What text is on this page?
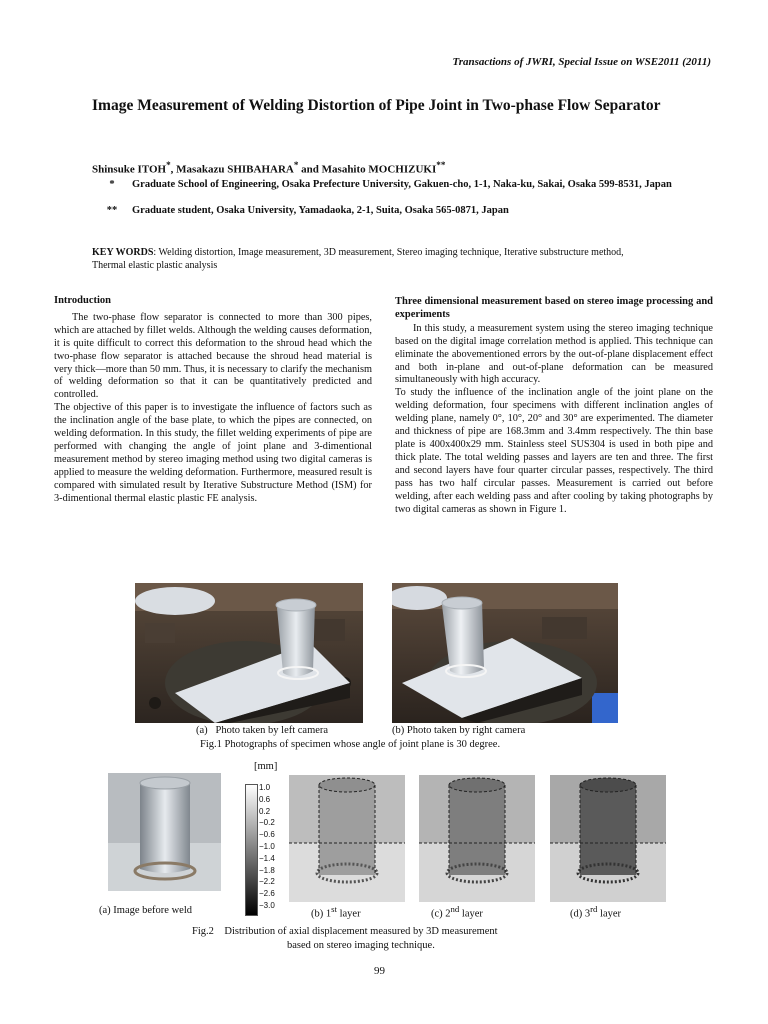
Transactions of JWRI, Special Issue on WSE2011 (2011)
Image Measurement of Welding Distortion of Pipe Joint in Two-phase Flow Separator
Shinsuke ITOH*, Masakazu SHIBAHARA* and Masahito MOCHIZUKI**
* Graduate School of Engineering, Osaka Prefecture University, Gakuen-cho, 1-1, Naka-ku, Sakai, Osaka 599-8531, Japan
** Graduate student, Osaka University, Yamadaoka, 2-1, Suita, Osaka 565-0871, Japan
KEY WORDS: Welding distortion, Image measurement, 3D measurement, Stereo imaging technique, Iterative substructure method, Thermal elastic plastic analysis
Introduction

The two-phase flow separator is connected to more than 300 pipes, which are attached by fillet welds. Although the welding causes deformation, it is quite difficult to correct this deformation to the shroud head which the two-phase flow separator is attached because the shroud head material is very thick—more than 50 mm. Thus, it is necessary to clarify the mechanism of welding deformation so that it can be quantitatively predicted and controlled.

The objective of this paper is to investigate the influence of factors such as the inclination angle of the base plate, to which the pipes are connected, on welding deformation. In this study, the fillet welding experiments of pipe are performed with changing the angle of joint plane and 3-dimentional measurement method by stereo imaging method using two digital cameras is applied to measure the welding deformation. Furthermore, measured result is compared with simulated result by Iterative Substructure Method (ISM) for 3-dimentional thermal elastic plastic FE analysis.

Three dimensional measurement based on stereo image processing and experiments

In this study, a measurement system using the stereo imaging technique based on the digital image correlation method is applied. This technique can eliminate the abovementioned errors by the out-of-plane displacement effect and both in-plane and out-of-plane deformation can be measured simultaneously with high accuracy.

To study the influence of the inclination angle of the joint plane on the welding deformation, four specimens with different inclination angles of welding plane, namely 0°, 10°, 20° and 30° are experimented. The diameter and thickness of pipe are 168.3mm and 3.4mm respectively. The thin base plate is 400x400x29 mm. Stainless steel SUS304 is used in both pipe and thick plate. The total welding passes and layers are ten and three. The first and second layers have four quarter circular passes, respectively. The third pass has two half circular passes. Measurement is carried out before welding, after each welding pass and after cooling by taking photographs by two digital cameras as shown in Figure 1.

(a)   Photo taken by left camera	(b) Photo taken by right camera
Fig.1 Photographs of specimen whose angle of joint plane is 30 degree.
[mm]
1.0
0.6
0.2
−0.2
−0.6
−1.0
−1.4
−1.8
−2.2
−2.6
−3.0
(a) Image before weld	(b) 1st layer	(c) 2nd layer	(d) 3rd layer
Fig.2    Distribution of axial displacement measured by 3D measurement
based on stereo imaging technique.
99
